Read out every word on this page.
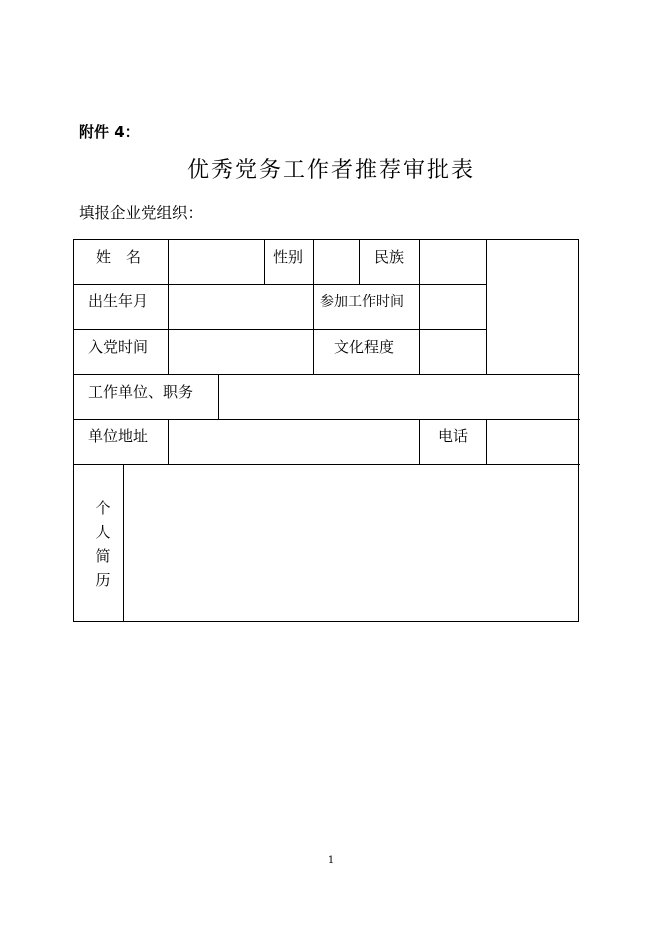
附件 4：
优秀党务工作者推荐审批表
填报企业党组织：
姓　名	性别	民族
出生年月	参加工作时间
入党时间	文化程度
工作单位、职务
单位地址	电话
个人简历
1
